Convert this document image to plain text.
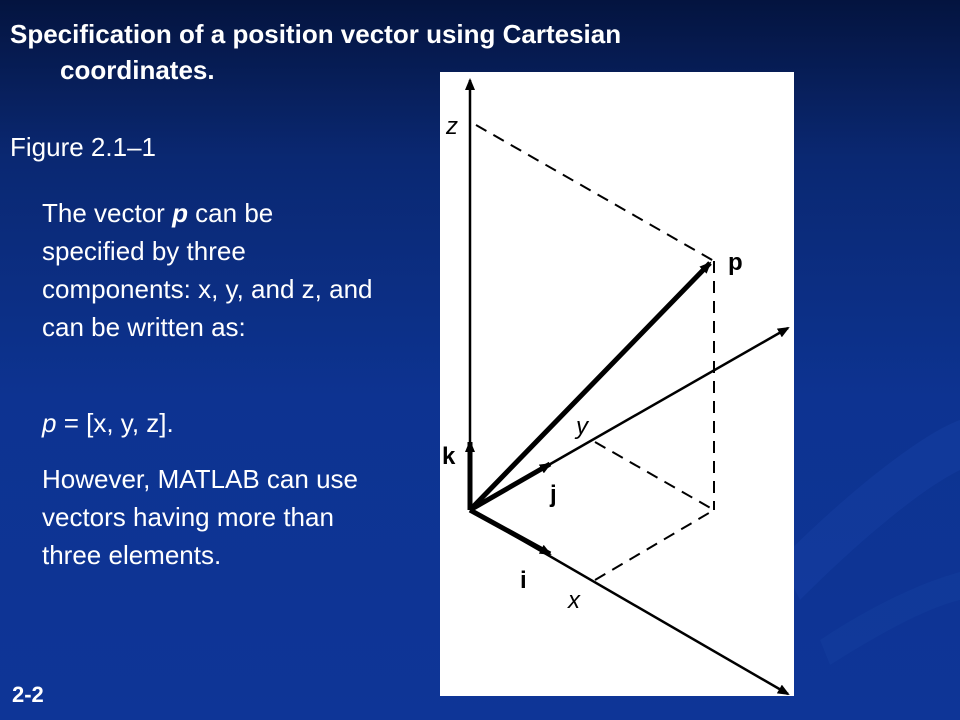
Specification of a position vector using Cartesian
coordinates.
Figure 2.1–1

The vector p can be specified by three components: x, y, and z, and can be written as:

p = [x, y, z].

However, MATLAB can use vectors having more than three elements.

2-2
z
p
y
k
j
i
x
